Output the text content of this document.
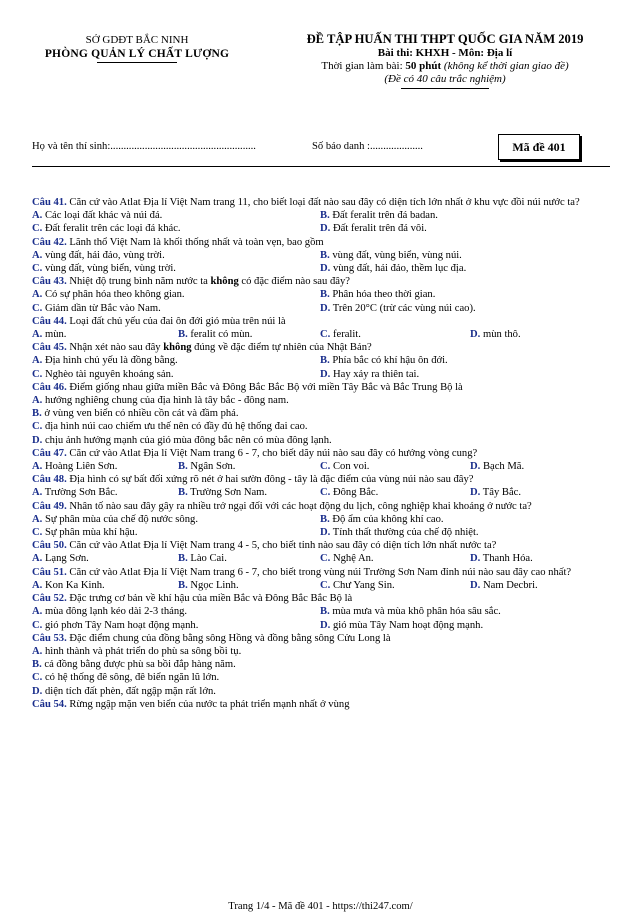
SỞ GDĐT BẮC NINH
PHÒNG QUẢN LÝ CHẤT LƯỢNG
ĐỀ TẬP HUẤN THI THPT QUỐC GIA NĂM 2019
Bài thi: KHXH - Môn: Địa lí
Thời gian làm bài: 50 phút (không kể thời gian giao đề)
(Đề có 40 câu trắc nghiệm)
Họ và tên thí sinh:.......................................................	Số báo danh :....................	Mã đề 401
Câu 41. Căn cứ vào Atlat Địa lí Việt Nam trang 11, cho biết loại đất nào sau đây có diện tích lớn nhất ở khu vực đồi núi nước ta?
A. Các loại đất khác và núi đá.	B. Đất feralit trên đá badan.
C. Đất feralit trên các loại đá khác.	D. Đất feralit trên đá vôi.
Câu 42. Lãnh thổ Việt Nam là khối thống nhất và toàn vẹn, bao gồm
A. vùng đất, hải đảo, vùng trời.	B. vùng đất, vùng biển, vùng núi.
C. vùng đất, vùng biển, vùng trời.	D. vùng đất, hải đảo, thềm lục địa.
Câu 43. Nhiệt độ trung bình năm nước ta không có đặc điểm nào sau đây?
A. Có sự phân hóa theo không gian.	B. Phân hóa theo thời gian.
C. Giảm dần từ Bắc vào Nam.	D. Trên 20°C (trừ các vùng núi cao).
Câu 44. Loại đất chủ yếu của đai ôn đới gió mùa trên núi là
A. mùn.	B. feralit có mùn.	C. feralit.	D. mùn thô.
Câu 45. Nhận xét nào sau đây không đúng về đặc điểm tự nhiên của Nhật Bản?
A. Địa hình chủ yếu là đồng bằng.	B. Phía bắc có khí hậu ôn đới.
C. Nghèo tài nguyên khoáng sản.	D. Hay xảy ra thiên tai.
Câu 46. Điểm giống nhau giữa miền Bắc và Đông Bắc Bắc Bộ với miền Tây Bắc và Bắc Trung Bộ là
A. hướng nghiêng chung của địa hình là tây bắc - đông nam.
B. ở vùng ven biển có nhiều cồn cát và đầm phá.
C. địa hình núi cao chiếm ưu thế nên có đầy đủ hệ thống đai cao.
D. chịu ảnh hưởng mạnh của gió mùa đông bắc nên có mùa đông lạnh.
Câu 47. Căn cứ vào Atlat Địa lí Việt Nam trang 6 - 7, cho biết dãy núi nào sau đây có hướng vòng cung?
A. Hoàng Liên Sơn.	B. Ngân Sơn.	C. Con voi.	D. Bạch Mã.
Câu 48. Địa hình có sự bất đối xứng rõ nét ở hai sườn đông - tây là đặc điểm của vùng núi nào sau đây?
A. Trường Sơn Bắc.	B. Trường Sơn Nam.	C. Đông Bắc.	D. Tây Bắc.
Câu 49. Nhân tố nào sau đây gây ra nhiều trở ngại đối với các hoạt động du lịch, công nghiệp khai khoáng ở nước ta?
A. Sự phân mùa của chế độ nước sông.	B. Độ ẩm của không khí cao.
C. Sự phân mùa khí hậu.	D. Tính thất thường của chế độ nhiệt.
Câu 50. Căn cứ vào Atlat Địa lí Việt Nam trang 4 - 5, cho biết tỉnh nào sau đây có diện tích lớn nhất nước ta?
A. Lạng Sơn.	B. Lào Cai.	C. Nghệ An.	D. Thanh Hóa.
Câu 51. Căn cứ vào Atlat Địa lí Việt Nam trang 6 - 7, cho biết trong vùng núi Trường Sơn Nam đỉnh núi nào sau đây cao nhất?
A. Kon Ka Kinh.	B. Ngọc Linh.	C. Chư Yang Sin.	D. Nam Decbri.
Câu 52. Đặc trưng cơ bản về khí hậu của miền Bắc và Đông Bắc Bắc Bộ là
A. mùa đông lạnh kéo dài 2-3 tháng.	B. mùa mưa và mùa khô phân hóa sâu sắc.
C. gió phơn Tây Nam hoạt động mạnh.	D. gió mùa Tây Nam hoạt động mạnh.
Câu 53. Đặc điểm chung của đồng bằng sông Hồng và đồng bằng sông Cửu Long là
A. hình thành và phát triển do phù sa sông bồi tụ.
B. cả đồng bằng được phù sa bồi đắp hàng năm.
C. có hệ thống đê sông, đê biển ngăn lũ lớn.
D. diện tích đất phèn, đất ngập mặn rất lớn.
Câu 54. Rừng ngập mặn ven biển của nước ta phát triển mạnh nhất ở vùng
Trang 1/4 - Mã đề 401 - https://thi247.com/
